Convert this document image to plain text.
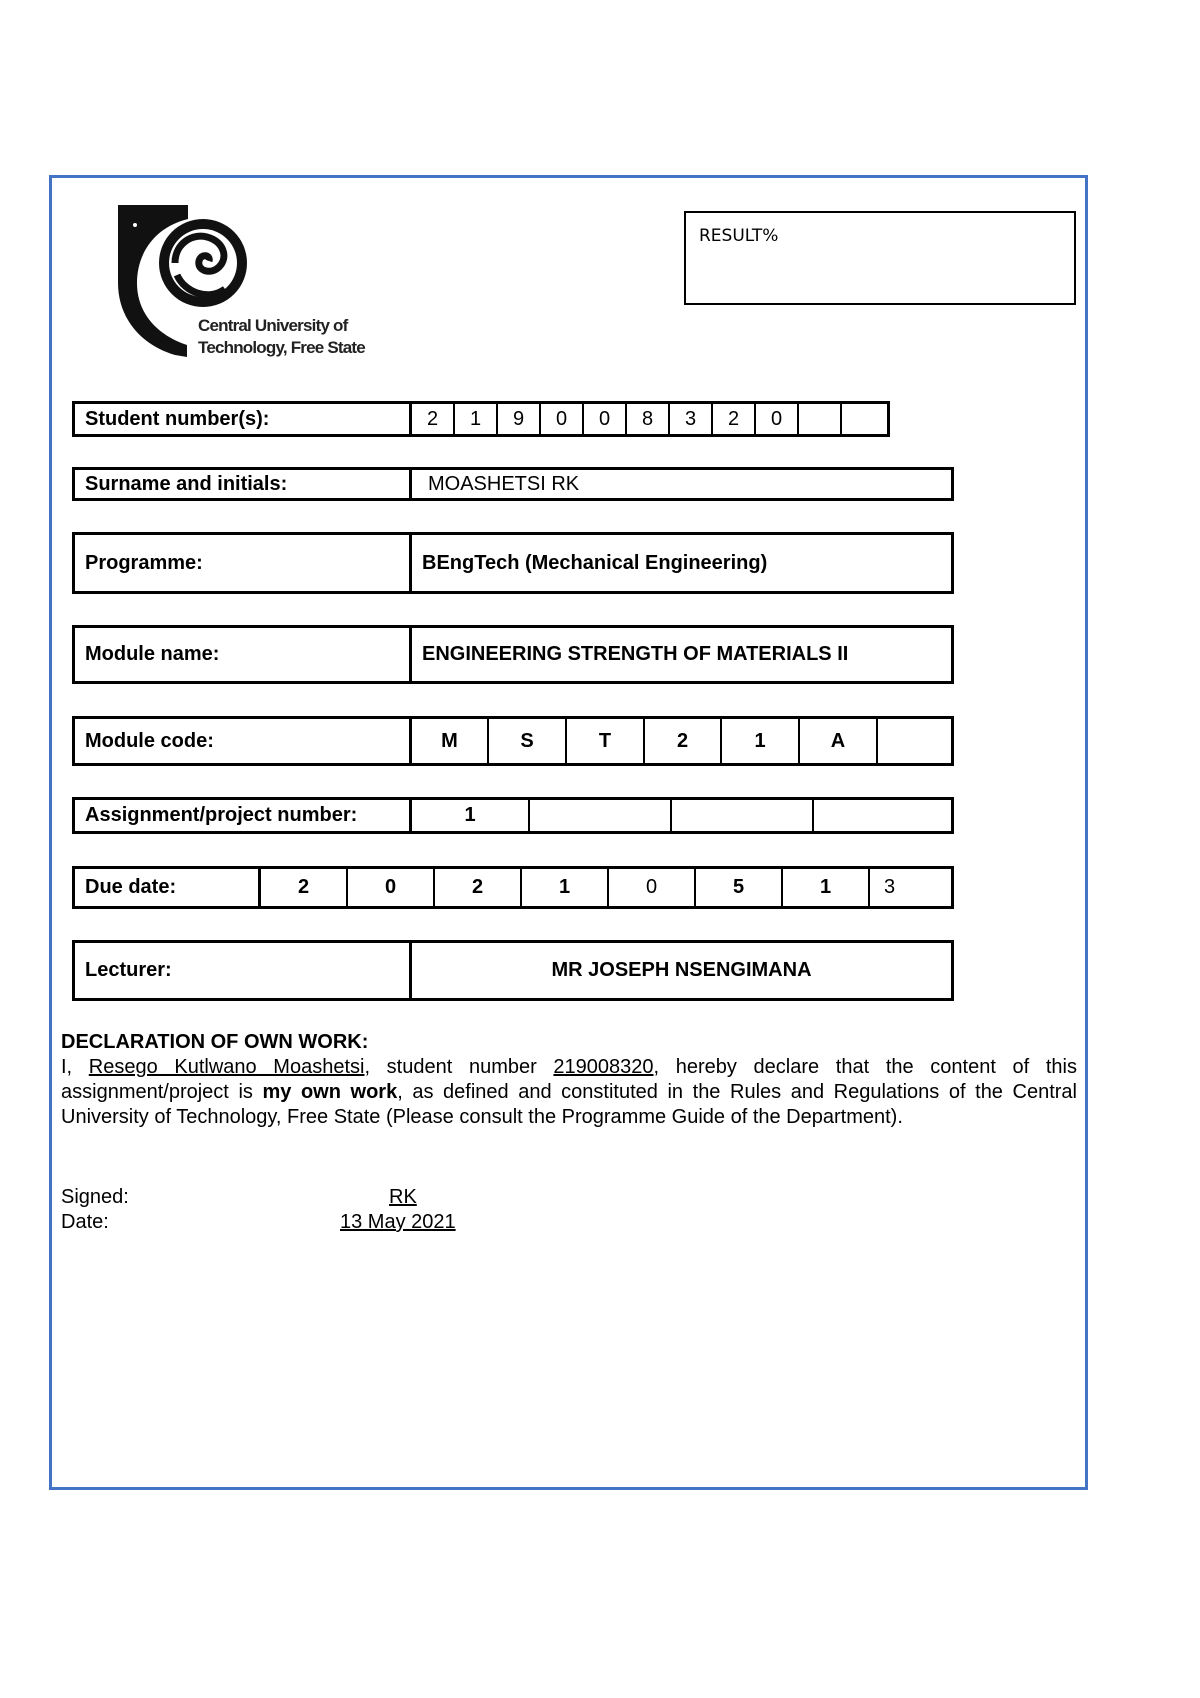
Central University of
Technology, Free State
RESULT%
Student number(s):	2	1	9	0	0	8	3	2	0
Surname and initials:	MOASHETSI RK
Programme:	BEngTech (Mechanical Engineering)
Module name:	ENGINEERING STRENGTH OF MATERIALS II
Module code:	M	S	T	2	1	A
Assignment/project number:	1
Due date:	2	0	2	1	0	5	1	3
Lecturer:	MR JOSEPH NSENGIMANA
DECLARATION OF OWN WORK:
I, Resego Kutlwano Moashetsi, student number 219008320, hereby declare that the content of this assignment/project is my own work, as defined and constituted in the Rules and Regulations of the Central University of Technology, Free State (Please consult the Programme Guide of the Department).
Signed:	RK
Date:	13 May 2021
